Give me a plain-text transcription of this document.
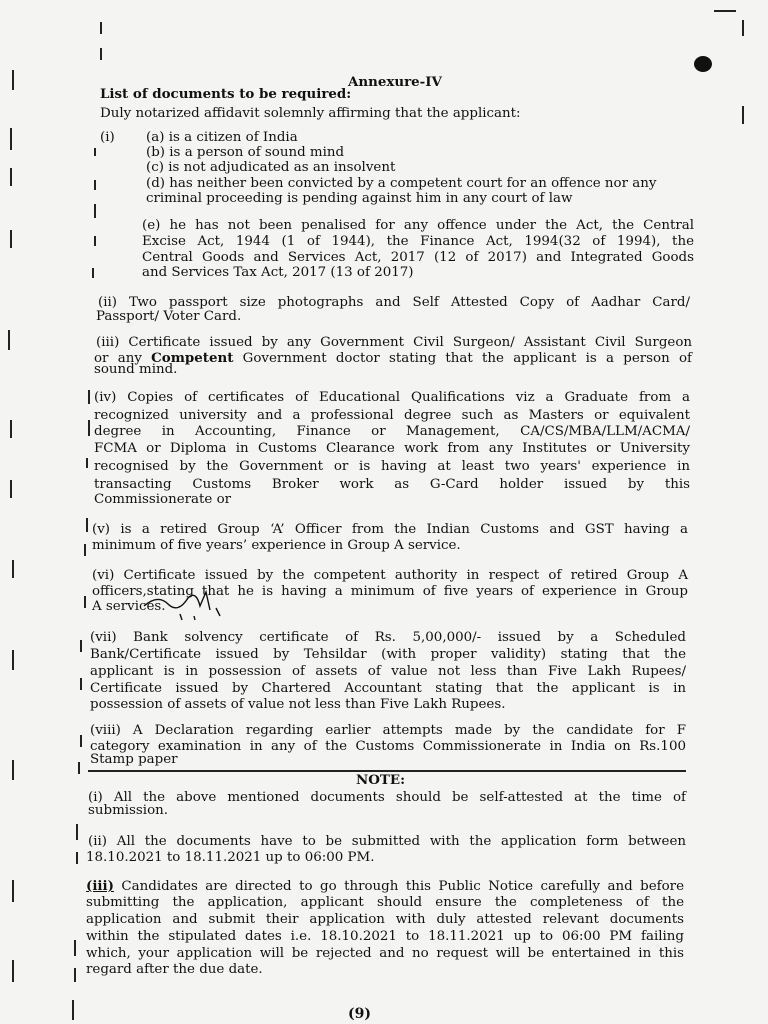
Annexure-IV
List of documents to be required:
Duly notarized affidavit solemnly affirming that the applicant:
(i) (a) is a citizen of India
(b) is a person of sound mind
(c) is not adjudicated as an insolvent
(d) has neither been convicted by a competent court for an offence nor any
criminal proceeding is pending against him in any court of law
(e) he has not been penalised for any offence under the Act, the Central
Excise Act, 1944 (1 of 1944), the Finance Act, 1994(32 of 1994), the
Central Goods and Services Act, 2017 (12 of 2017) and Integrated Goods
and Services Tax Act, 2017 (13 of 2017)
(ii) Two passport size photographs and Self Attested Copy of Aadhar Card/
Passport/ Voter Card.
(iii) Certificate issued by any Government Civil Surgeon/ Assistant Civil Surgeon
or any Competent Government doctor stating that the applicant is a person of
sound mind.
(iv) Copies of certificates of Educational Qualifications viz a Graduate from a
recognized university and a professional degree such as Masters or equivalent
degree in Accounting, Finance or Management, CA/CS/MBA/LLM/ACMA/
FCMA or Diploma in Customs Clearance work from any Institutes or University
recognised by the Government or is having at least two years' experience in
transacting Customs Broker work as G-Card holder issued by this
Commissionerate or
(v) is a retired Group ‘A’ Officer from the Indian Customs and GST having a
minimum of five years’ experience in Group A service.
(vi) Certificate issued by the competent authority in respect of retired Group A
officers,stating that he is having a minimum of five years of experience in Group
A services.
(vii) Bank solvency certificate of Rs. 5,00,000/- issued by a Scheduled
Bank/Certificate issued by Tehsildar (with proper validity) stating that the
applicant is in possession of assets of value not less than Five Lakh Rupees/
Certificate issued by Chartered Accountant stating that the applicant is in
possession of assets of value not less than Five Lakh Rupees.
(viii) A Declaration regarding earlier attempts made by the candidate for F
category examination in any of the Customs Commissionerate in India on Rs.100
Stamp paper
NOTE:
(i) All the above mentioned documents should be self-attested at the time of
submission.
(ii) All the documents have to be submitted with the application form between
18.10.2021 to 18.11.2021 up to 06:00 PM.
(iii) Candidates are directed to go through this Public Notice carefully and before
submitting the application, applicant should ensure the completeness of the
application and submit their application with duly attested relevant documents
within the stipulated dates i.e. 18.10.2021 to 18.11.2021 up to 06:00 PM failing
which, your application will be rejected and no request will be entertained in this
regard after the due date.
(9)
